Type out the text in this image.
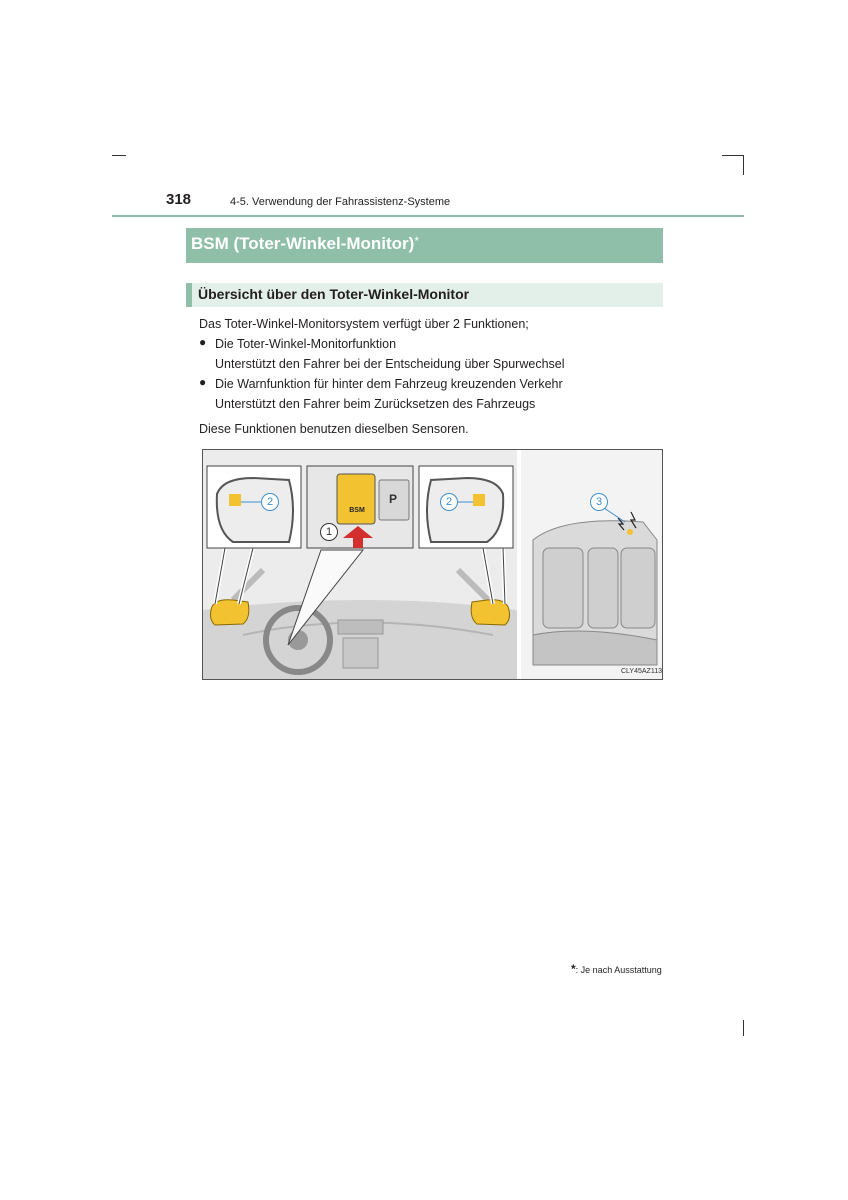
318	4-5. Verwendung der Fahrassistenz-Systeme
BSM (Toter-Winkel-Monitor)*
Übersicht über den Toter-Winkel-Monitor
Das Toter-Winkel-Monitorsystem verfügt über 2 Funktionen;
● Die Toter-Winkel-Monitorfunktion
Unterstützt den Fahrer bei der Entscheidung über Spurwechsel
● Die Warnfunktion für hinter dem Fahrzeug kreuzenden Verkehr
Unterstützt den Fahrer beim Zurücksetzen des Fahrzeugs
Diese Funktionen benutzen dieselben Sensoren.
2
1
2	3
BSM
P
CLY45AZ113
*: Je nach Ausstattung
